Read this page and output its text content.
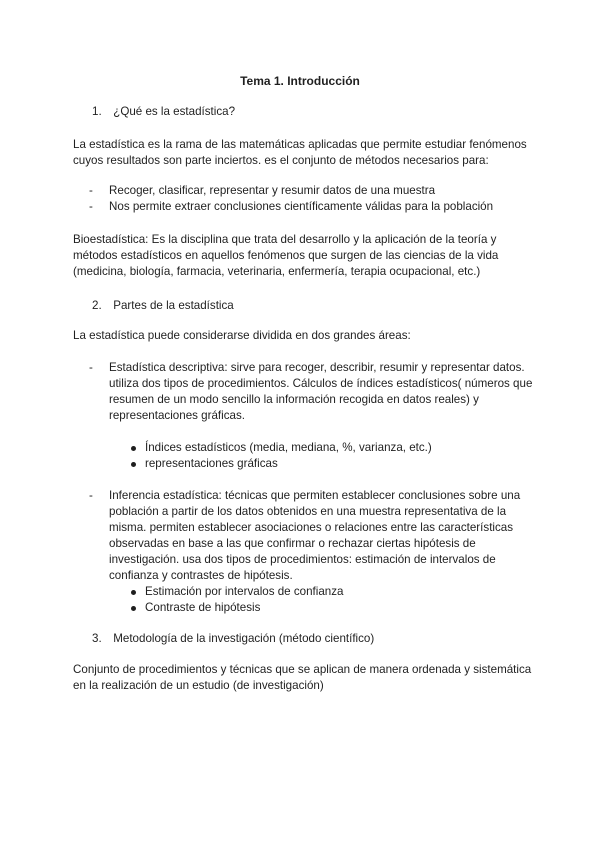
Tema 1. Introducción
1. ¿Qué es la estadística?

La estadística es la rama de las matemáticas aplicadas que permite estudiar fenómenos cuyos resultados son parte inciertos. es el conjunto de métodos necesarios para:

- Recoger, clasificar, representar y resumir datos de una muestra
- Nos permite extraer conclusiones científicamente válidas para la población

Bioestadística: Es la disciplina que trata del desarrollo y la aplicación de la teoría y métodos estadísticos en aquellos fenómenos que surgen de las ciencias de la vida (medicina, biología, farmacia, veterinaria, enfermería, terapia ocupacional, etc.)

2. Partes de la estadística

La estadística puede considerarse dividida en dos grandes áreas:

- Estadística descriptiva: sirve para recoger, describir, resumir y representar datos. utiliza dos tipos de procedimientos. Cálculos de índices estadísticos( números que resumen de un modo sencillo la información recogida en datos reales) y representaciones gráficas.
Índices estadísticos (media, mediana, %, varianza, etc.)
representaciones gráficas
- Inferencia estadística: técnicas que permiten establecer conclusiones sobre una población a partir de los datos obtenidos en una muestra representativa de la misma. permiten establecer asociaciones o relaciones entre las características observadas en base a las que confirmar o rechazar ciertas hipótesis de investigación. usa dos tipos de procedimientos: estimación de intervalos de confianza y contrastes de hipótesis.
Estimación por intervalos de confianza
Contraste de hipótesis
3. Metodología de la investigación (método científico)

Conjunto de procedimientos y técnicas que se aplican de manera ordenada y sistemática en la realización de un estudio (de investigación)
